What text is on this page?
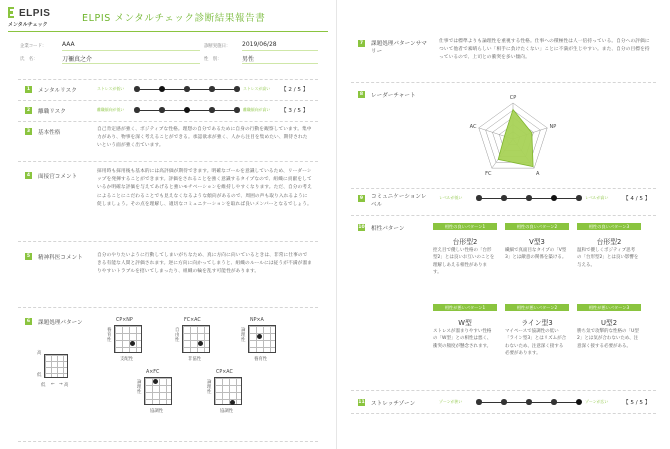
ELPIS
メンタルチェック
ELPIS メンタルチェック診断結果報告書
企業コード：	AAA	診断実施日： 2019/06/28
氏　名：	刀禰真之介	性　別：	男性
1	メンタルリスク	ストレスが低い	ストレスが高い 【 2 / 5 】
2	離職リスク	離職傾向が低い	離職傾向が高い 【 3 / 5 】
3	基本性格
自己肯定感が強く、ポジティブな性格。理想の自分であるために自身の行動を観察しています。集中力があり、物事を深く考えることができる。承認欲求が強く、人から注目を集めたい、期待されたいという面が強く出ています。
4	面接官コメント
採用時も採用後も基本的には高評価が期待できます。明確なゴールを意識しているため、リーダーシップを発揮することができます。評価をされることを強く意識するタイプなので、組織に貢献をしているか明確な評価を与えてあげると強いモチベーションを維持しやすくなります。ただ、自分の考えによることにこだわることでも見えなくなるような傾向があるので、周囲の声も取り入れるように促しましょう。その点を理解し、適切なコミュニケーションを取れば良いメンバーとなるでしょう。
5	精神科医コメント	自分のやりたいように行動してしまいがちなため、真に方向に向いているときは、非常に仕事のできる有能な人間と評価されます。逆に方向に向かってしまうと、組織のルールには従うが不満が溜まりやすいトラブルを招いてしまったり、組織の輪を乱す可能性があります。
6	課題処理パターン
高
低
低 ← → 高
CP×NP
養育性
支配性
FC×AC
自由性
非協性
NP×A
論理性
養育性
A×FC
論理性
協調性
CP×AC
論理性
協調性
7	課題処理パターンサマリー
仕事では標準よりも論理性を重視する性格。仕事への積極性は人一倍持っている。自分への評価について他者で素晴らしい「相手に負けたくない」ことに不満が生じやすい。また、自分の目標を持っているので、上司との衝突を多い傾向。
8	レーダーチャート	CP
NP
A
FC
AC
9	コミュニケーションレベル
レベルが低い	レベルが高い	【 4 / 5 】
10 相性パターン	相性の良いパターン1
台形型2
控え目で優しい性格の「台形型2」とは良いお互いのことを理解しあえる相性があります。
相性が悪いパターン1
W型
ストレスが溜まりやすい性格の「W型」との相性は悪く、衝突の頻度が懸念されます。
相性の良いパターン2
V型3
繊細で真面目なタイプの「V型3」とは敵意の関係を築ける。
相性が悪いパターン2
ライン型3
マイペースで協調性の低い「ライン型3」とはリズムが合わないため、注意深く接する必要があります。
相性の良いパターン3
台形型2
温和で優しくポジティブ思考の「台形型2」とは良い影響を与える。
相性が悪いパターン3
U型2
勝ち気で攻撃的な性格の「U型2」とは気が合わないため、注意深く接する必要がある。
11 ストレッチゾーン	ゾーンが狭い	ゾーンが広い	【 5 / 5 】
